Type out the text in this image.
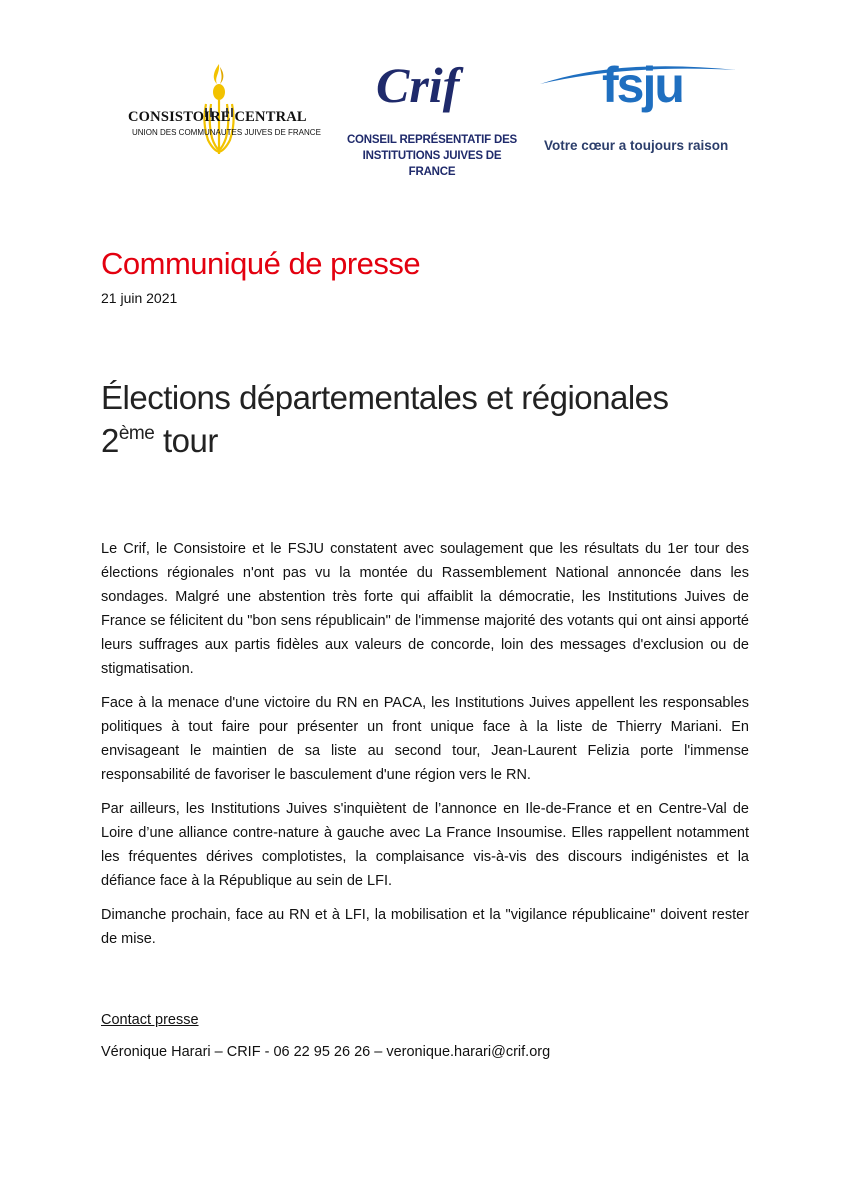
CONSISTOIRE CENTRAL
UNION DES COMMUNAUTES JUIVES DE FRANCE
Crif
CONSEIL REPRÉSENTATIF DES
INSTITUTIONS JUIVES DE FRANCE
fsju
Votre cœur a toujours raison
Communiqué de presse
21 juin 2021
Élections départementales et régionales
2ème tour

Le Crif, le Consistoire et le FSJU constatent avec soulagement que les résultats du 1er tour des élections régionales n'ont pas vu la montée du Rassemblement National annoncée dans les sondages. Malgré une abstention très forte qui affaiblit la démocratie, les Institutions Juives de France se félicitent du "bon sens républicain" de l'immense majorité des votants qui ont ainsi apporté leurs suffrages aux partis fidèles aux valeurs de concorde, loin des messages d'exclusion ou de stigmatisation.

Face à la menace d'une victoire du RN en PACA, les Institutions Juives appellent les responsables politiques à tout faire pour présenter un front unique face à la liste de Thierry Mariani. En envisageant le maintien de sa liste au second tour, Jean-Laurent Felizia porte l'immense responsabilité de favoriser le basculement d'une région vers le RN.

Par ailleurs, les Institutions Juives s'inquiètent de l’annonce en Ile-de-France et en Centre-Val de Loire d’une alliance contre-nature à gauche avec La France Insoumise. Elles rappellent notamment les fréquentes dérives complotistes, la complaisance vis-à-vis des discours indigénistes et la défiance face à la République au sein de LFI.

Dimanche prochain, face au RN et à LFI, la mobilisation et la "vigilance républicaine" doivent rester de mise.

Contact presse
Véronique Harari – CRIF - 06 22 95 26 26 – veronique.harari@crif.org
